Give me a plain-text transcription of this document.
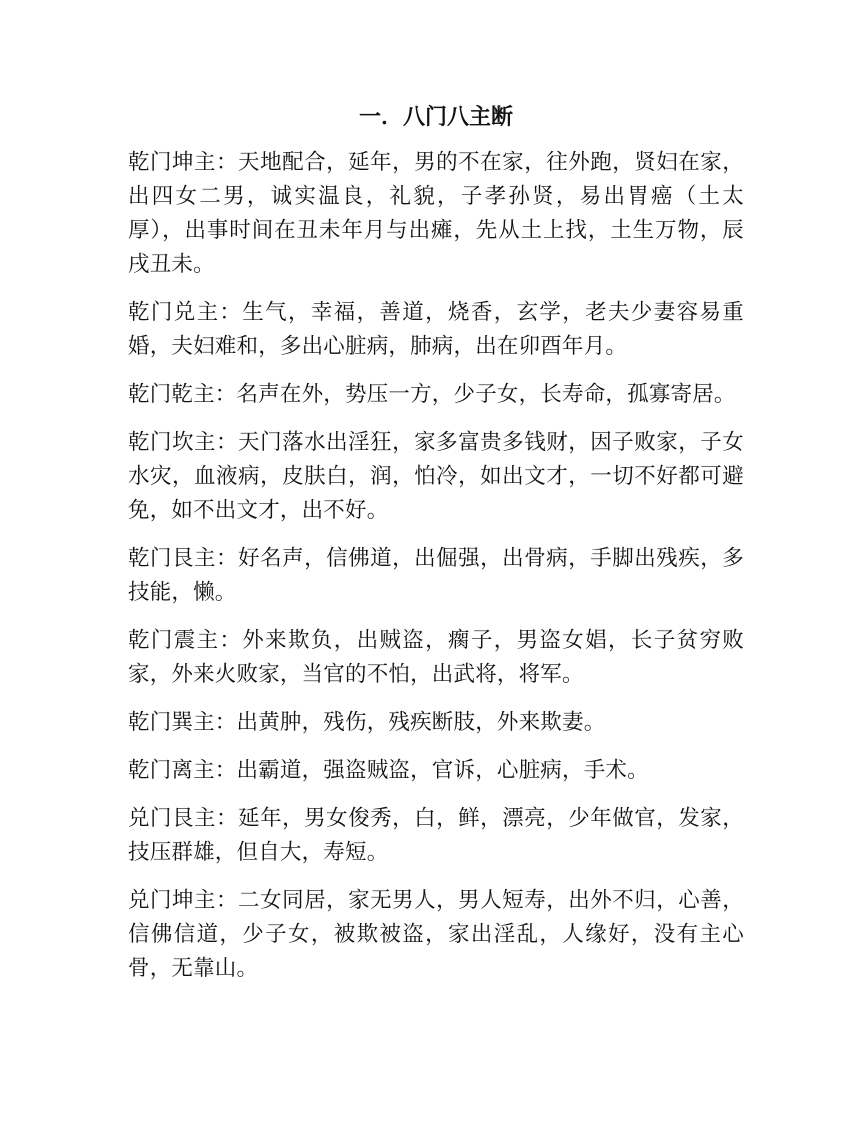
一．八门八主断

乾门坤主：天地配合，延年，男的不在家，往外跑，贤妇在家，出四女二男，诚实温良，礼貌，子孝孙贤，易出胃癌（土太厚），出事时间在丑未年月与出瘫，先从土上找，土生万物，辰戌丑未。

乾门兑主：生气，幸福，善道，烧香，玄学，老夫少妻容易重婚，夫妇难和，多出心脏病，肺病，出在卯酉年月。

乾门乾主：名声在外，势压一方，少子女，长寿命，孤寡寄居。

乾门坎主：天门落水出淫狂，家多富贵多钱财，因子败家，子女水灾，血液病，皮肤白，润，怕冷，如出文才，一切不好都可避免，如不出文才，出不好。

乾门艮主：好名声，信佛道，出倔强，出骨病，手脚出残疾，多技能，懒。

乾门震主：外来欺负，出贼盗，瘸子，男盗女娼，长子贫穷败家，外来火败家，当官的不怕，出武将，将军。

乾门巽主：出黄肿，残伤，残疾断肢，外来欺妻。

乾门离主：出霸道，强盗贼盗，官诉，心脏病，手术。

兑门艮主：延年，男女俊秀，白，鲜，漂亮，少年做官，发家，技压群雄，但自大，寿短。

兑门坤主：二女同居，家无男人，男人短寿，出外不归，心善，信佛信道，少子女，被欺被盗，家出淫乱，人缘好，没有主心骨，无靠山。
